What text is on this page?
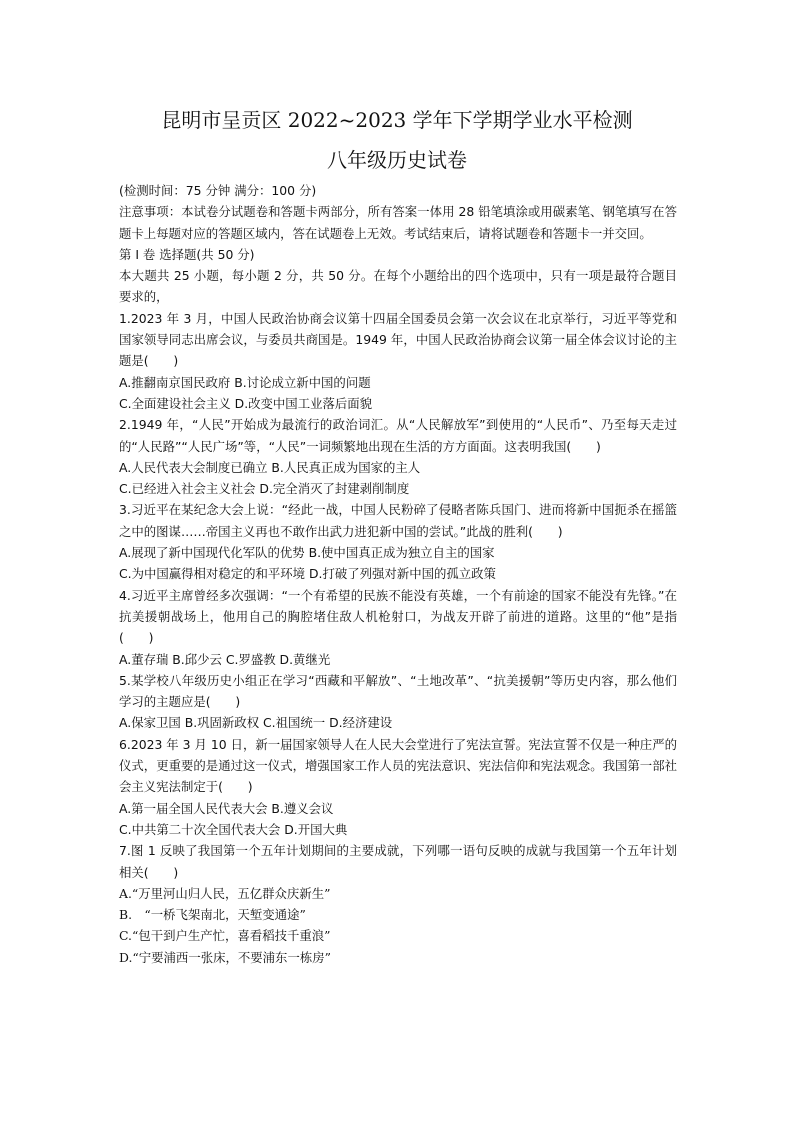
昆明市呈贡区 2022~2023 学年下学期学业水平检测
八年级历史试卷

(检测时间：75 分钟 满分：100 分)

注意事项：本试卷分试题卷和答题卡两部分，所有答案一体用 28 铅笔填涂或用碳素笔、钢笔填写在答题卡上每题对应的答题区域内，答在试题卷上无效。考试结束后，请将试题卷和答题卡一并交回。

第 I 卷 选择题(共 50 分)

本大题共 25 小题，每小题 2 分，共 50 分。在每个小题给出的四个选项中，只有一项是最符合题目要求的，

1.2023 年 3 月，中国人民政治协商会议第十四届全国委员会第一次会议在北京举行，习近平等党和国家领导同志出席会议，与委员共商国是。1949 年，中国人民政治协商会议第一届全体会议讨论的主题是(　　)

A.推翻南京国民政府 B.讨论成立新中国的问题

C.全面建设社会主义 D.改变中国工业落后面貌

2.1949 年，“人民”开始成为最流行的政治词汇。从“人民解放军”到使用的“人民币”、乃至每天走过的“人民路”“人民广场”等，“人民”一词频繁地出现在生活的方方面面。这表明我国(　　)

A.人民代表大会制度已确立 B.人民真正成为国家的主人

C.已经进入社会主义社会 D.完全消灭了封建剥削制度

3.习近平在某纪念大会上说：“经此一战，中国人民粉碎了侵略者陈兵国门、进而将新中国扼杀在摇篮之中的图谋……帝国主义再也不敢作出武力进犯新中国的尝试。”此战的胜利(　　)

A.展现了新中国现代化军队的优势 B.使中国真正成为独立自主的国家

C.为中国赢得相对稳定的和平环境 D.打破了列强对新中国的孤立政策

4.习近平主席曾经多次强调：“一个有希望的民族不能没有英雄，一个有前途的国家不能没有先锋。”在抗美援朝战场上，他用自己的胸腔堵住敌人机枪射口，为战友开辟了前进的道路。这里的“他”是指(　　)

A.董存瑞 B.邱少云 C.罗盛教 D.黄继光

5.某学校八年级历史小组正在学习“西藏和平解放”、“土地改革”、“抗美援朝”等历史内容，那么他们学习的主题应是(　　)

A.保家卫国 B.巩固新政权 C.祖国统一 D.经济建设

6.2023 年 3 月 10 日，新一届国家领导人在人民大会堂进行了宪法宣誓。宪法宣誓不仅是一种庄严的仪式，更重要的是通过这一仪式，增强国家工作人员的宪法意识、宪法信仰和宪法观念。我国第一部社会主义宪法制定于(　　)

A.第一届全国人民代表大会 B.遵义会议

C.中共第二十次全国代表大会 D.开国大典

7.图 1 反映了我国第一个五年计划期间的主要成就，下列哪一语句反映的成就与我国第一个五年计划相关(　　)

A.“万里河山归人民，五亿群众庆新生”

B.　“一桥飞架南北，天堑变通途”

C.“包干到户生产忙，喜看稻技千重浪”

D.“宁要浦西一张床，不要浦东一栋房”
